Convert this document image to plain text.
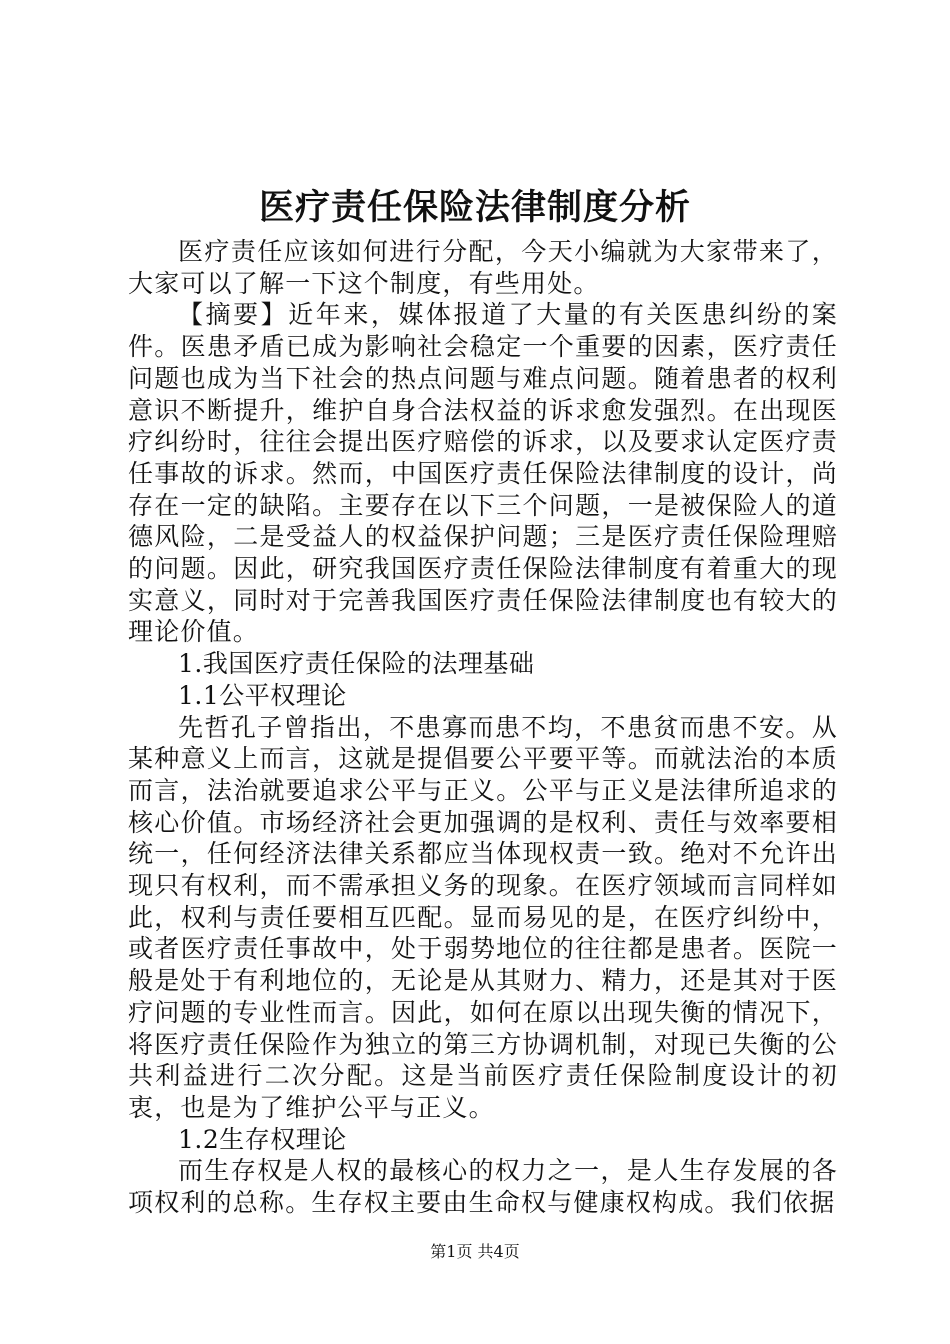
医疗责任保险法律制度分析

医疗责任应该如何进行分配，今天小编就为大家带来了，大家可以了解一下这个制度，有些用处。

【摘要】近年来，媒体报道了大量的有关医患纠纷的案件。医患矛盾已成为影响社会稳定一个重要的因素，医疗责任问题也成为当下社会的热点问题与难点问题。随着患者的权利意识不断提升，维护自身合法权益的诉求愈发强烈。在出现医疗纠纷时，往往会提出医疗赔偿的诉求，以及要求认定医疗责任事故的诉求。然而，中国医疗责任保险法律制度的设计，尚存在一定的缺陷。主要存在以下三个问题，一是被保险人的道德风险，二是受益人的权益保护问题；三是医疗责任保险理赔的问题。因此，研究我国医疗责任保险法律制度有着重大的现实意义，同时对于完善我国医疗责任保险法律制度也有较大的理论价值。

1.我国医疗责任保险的法理基础

1.1公平权理论

先哲孔子曾指出，不患寡而患不均，不患贫而患不安。从某种意义上而言，这就是提倡要公平要平等。而就法治的本质而言，法治就要追求公平与正义。公平与正义是法律所追求的核心价值。市场经济社会更加强调的是权利、责任与效率要相统一，任何经济法律关系都应当体现权责一致。绝对不允许出现只有权利，而不需承担义务的现象。在医疗领域而言同样如此，权利与责任要相互匹配。显而易见的是，在医疗纠纷中，或者医疗责任事故中，处于弱势地位的往往都是患者。医院一般是处于有利地位的，无论是从其财力、精力，还是其对于医疗问题的专业性而言。因此，如何在原以出现失衡的情况下，将医疗责任保险作为独立的第三方协调机制，对现已失衡的公共利益进行二次分配。这是当前医疗责任保险制度设计的初衷，也是为了维护公平与正义。

1.2生存权理论

而生存权是人权的最核心的权力之一，是人生存发展的各项权利的总称。生存权主要由生命权与健康权构成。我们依据

第1页 共4页
